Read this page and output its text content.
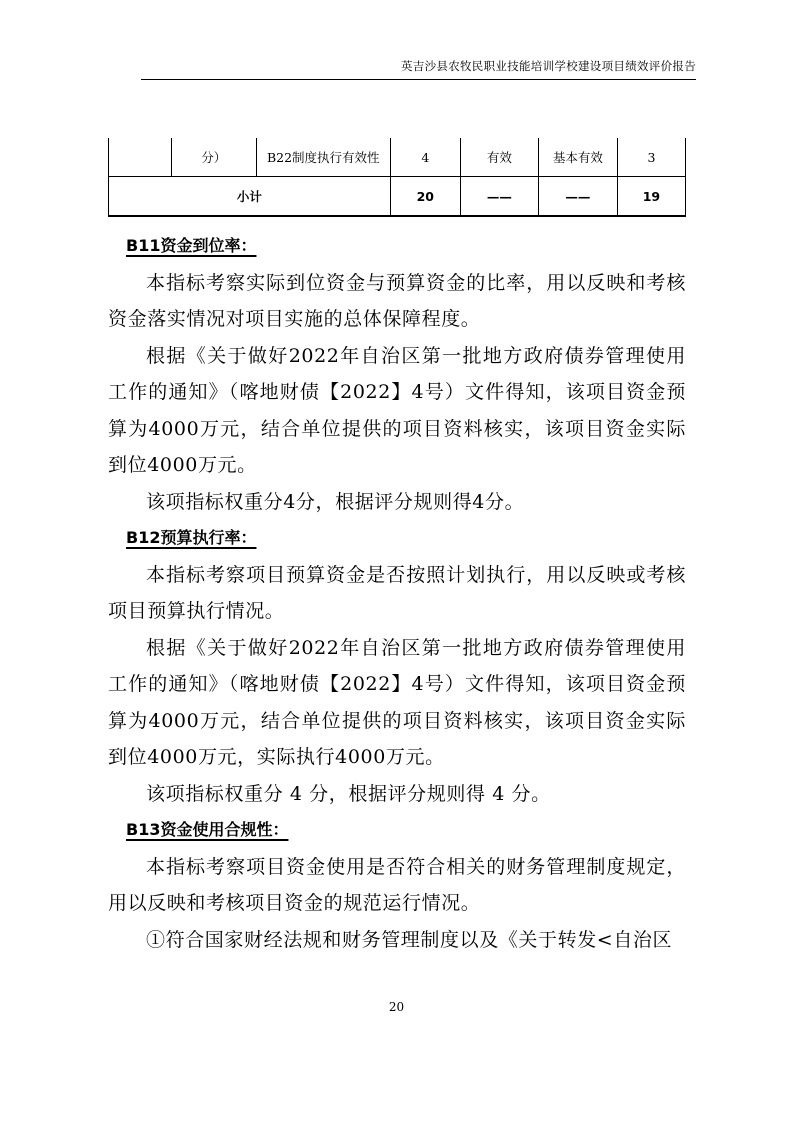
英吉沙县农牧民职业技能培训学校建设项目绩效评价报告
	分）	B22制度执行有效性	4	有效	基本有效	3
小计			20	——	——	19

B11资金到位率：

本指标考察实际到位资金与预算资金的比率，用以反映和考核资金落实情况对项目实施的总体保障程度。

根据《关于做好2022年自治区第一批地方政府债券管理使用工作的通知》（喀地财债【2022】4号）文件得知，该项目资金预算为4000万元，结合单位提供的项目资料核实，该项目资金实际到位4000万元。

该项指标权重分4分，根据评分规则得4分。

B12预算执行率：

本指标考察项目预算资金是否按照计划执行，用以反映或考核项目预算执行情况。

根据《关于做好2022年自治区第一批地方政府债券管理使用工作的通知》（喀地财债【2022】4号）文件得知，该项目资金预算为4000万元，结合单位提供的项目资料核实，该项目资金实际到位4000万元，实际执行4000万元。

该项指标权重分 4 分，根据评分规则得 4 分。

B13资金使用合规性：

本指标考察项目资金使用是否符合相关的财务管理制度规定，用以反映和考核项目资金的规范运行情况。

①符合国家财经法规和财务管理制度以及《关于转发<自治区

20
